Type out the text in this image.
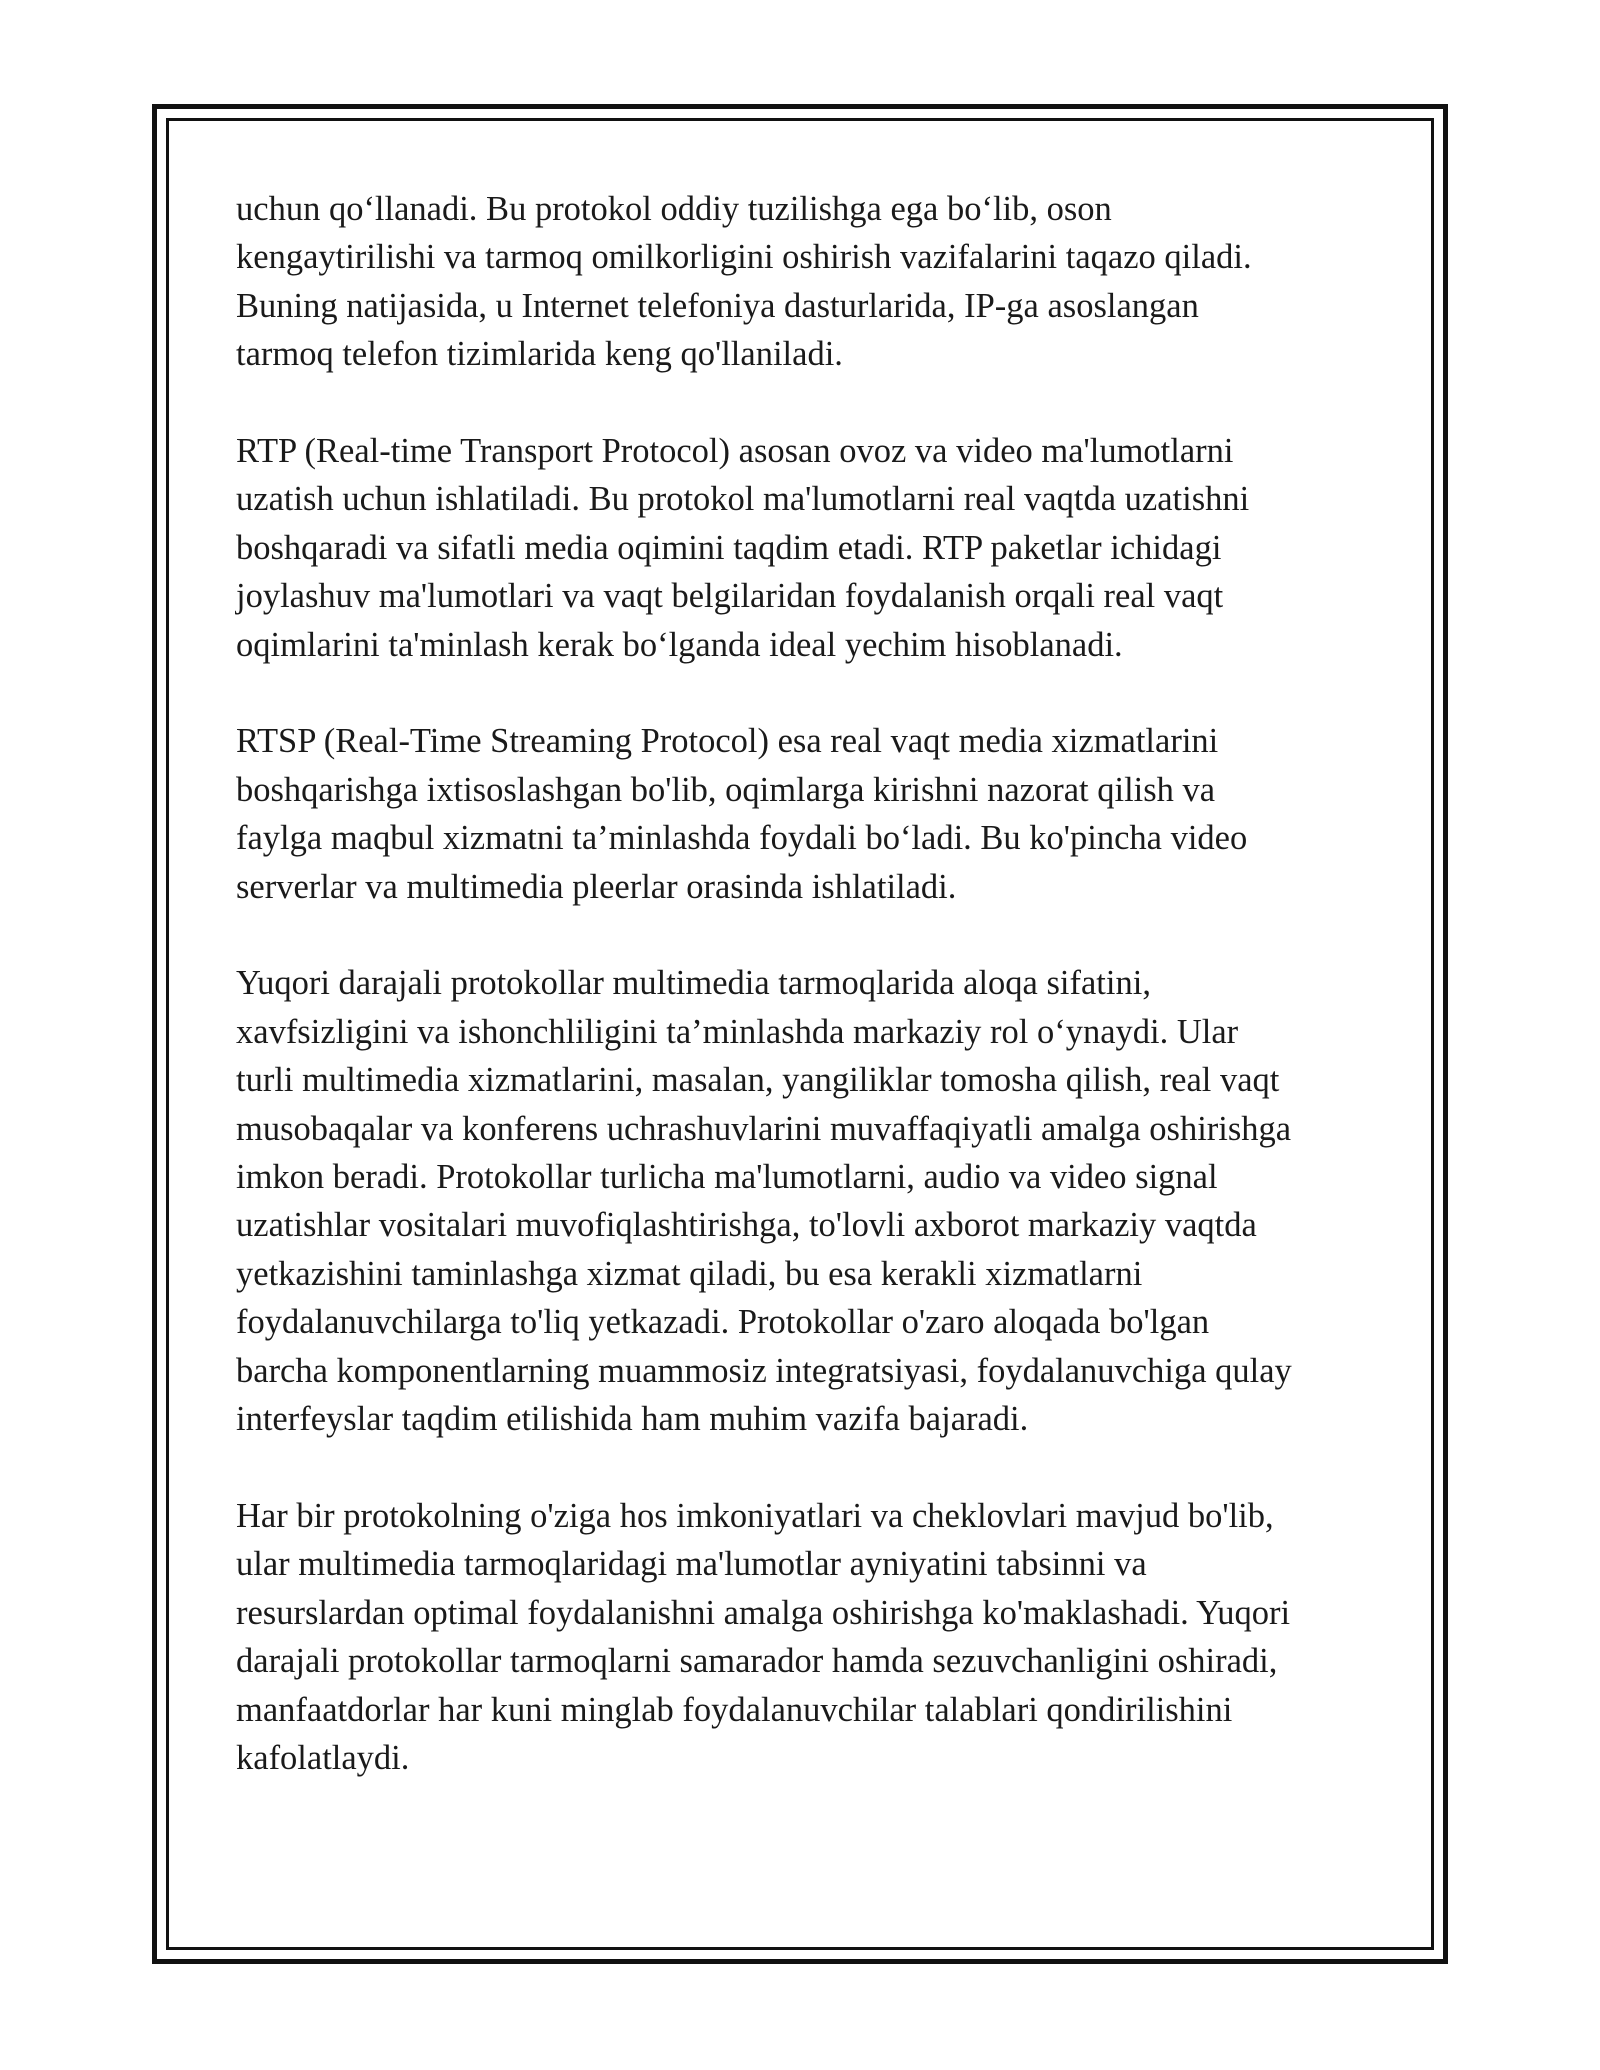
uchun qo‘llanadi. Bu protokol oddiy tuzilishga ega bo‘lib, oson
kengaytirilishi va tarmoq omilkorligini oshirish vazifalarini taqazo qiladi.
Buning natijasida, u Internet telefoniya dasturlarida, IP-ga asoslangan
tarmoq telefon tizimlarida keng qo'llaniladi.

RTP (Real-time Transport Protocol) asosan ovoz va video ma'lumotlarni
uzatish uchun ishlatiladi. Bu protokol ma'lumotlarni real vaqtda uzatishni
boshqaradi va sifatli media oqimini taqdim etadi. RTP paketlar ichidagi
joylashuv ma'lumotlari va vaqt belgilaridan foydalanish orqali real vaqt
oqimlarini ta'minlash kerak bo‘lganda ideal yechim hisoblanadi.

RTSP (Real-Time Streaming Protocol) esa real vaqt media xizmatlarini
boshqarishga ixtisoslashgan bo'lib, oqimlarga kirishni nazorat qilish va
faylga maqbul xizmatni ta’minlashda foydali bo‘ladi. Bu ko'pincha video
serverlar va multimedia pleerlar orasinda ishlatiladi.

Yuqori darajali protokollar multimedia tarmoqlarida aloqa sifatini,
xavfsizligini va ishonchliligini ta’minlashda markaziy rol o‘ynaydi. Ular
turli multimedia xizmatlarini, masalan, yangiliklar tomosha qilish, real vaqt
musobaqalar va konferens uchrashuvlarini muvaffaqiyatli amalga oshirishga
imkon beradi. Protokollar turlicha ma'lumotlarni, audio va video signal
uzatishlar vositalari muvofiqlashtirishga, to'lovli axborot markaziy vaqtda
yetkazishini taminlashga xizmat qiladi, bu esa kerakli xizmatlarni
foydalanuvchilarga to'liq yetkazadi. Protokollar o'zaro aloqada bo'lgan
barcha komponentlarning muammosiz integratsiyasi, foydalanuvchiga qulay
interfeyslar taqdim etilishida ham muhim vazifa bajaradi.

Har bir protokolning o'ziga hos imkoniyatlari va cheklovlari mavjud bo'lib,
ular multimedia tarmoqlaridagi ma'lumotlar ayniyatini tabsinni va
resurslardan optimal foydalanishni amalga oshirishga ko'maklashadi. Yuqori
darajali protokollar tarmoqlarni samarador hamda sezuvchanligini oshiradi,
manfaatdorlar har kuni minglab foydalanuvchilar talablari qondirilishini
kafolatlaydi.
